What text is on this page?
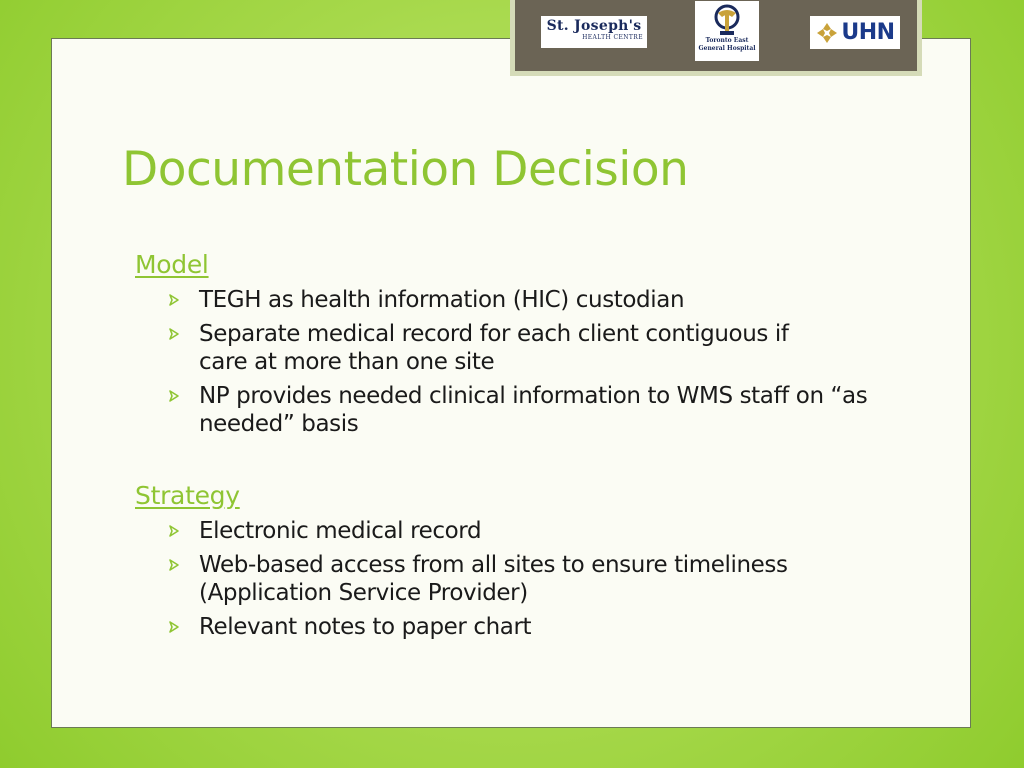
St. Joseph's
HEALTH CENTRE	Toronto East
General Hospital
UHN
Documentation Decision
Model
TEGH as health information (HIC) custodian
Separate medical record for each client contiguous if care at more than one site
NP provides needed clinical information to WMS staff on “as needed” basis
Strategy
Electronic medical record
Web-based access from all sites to ensure timeliness (Application Service Provider)
Relevant notes to paper chart
